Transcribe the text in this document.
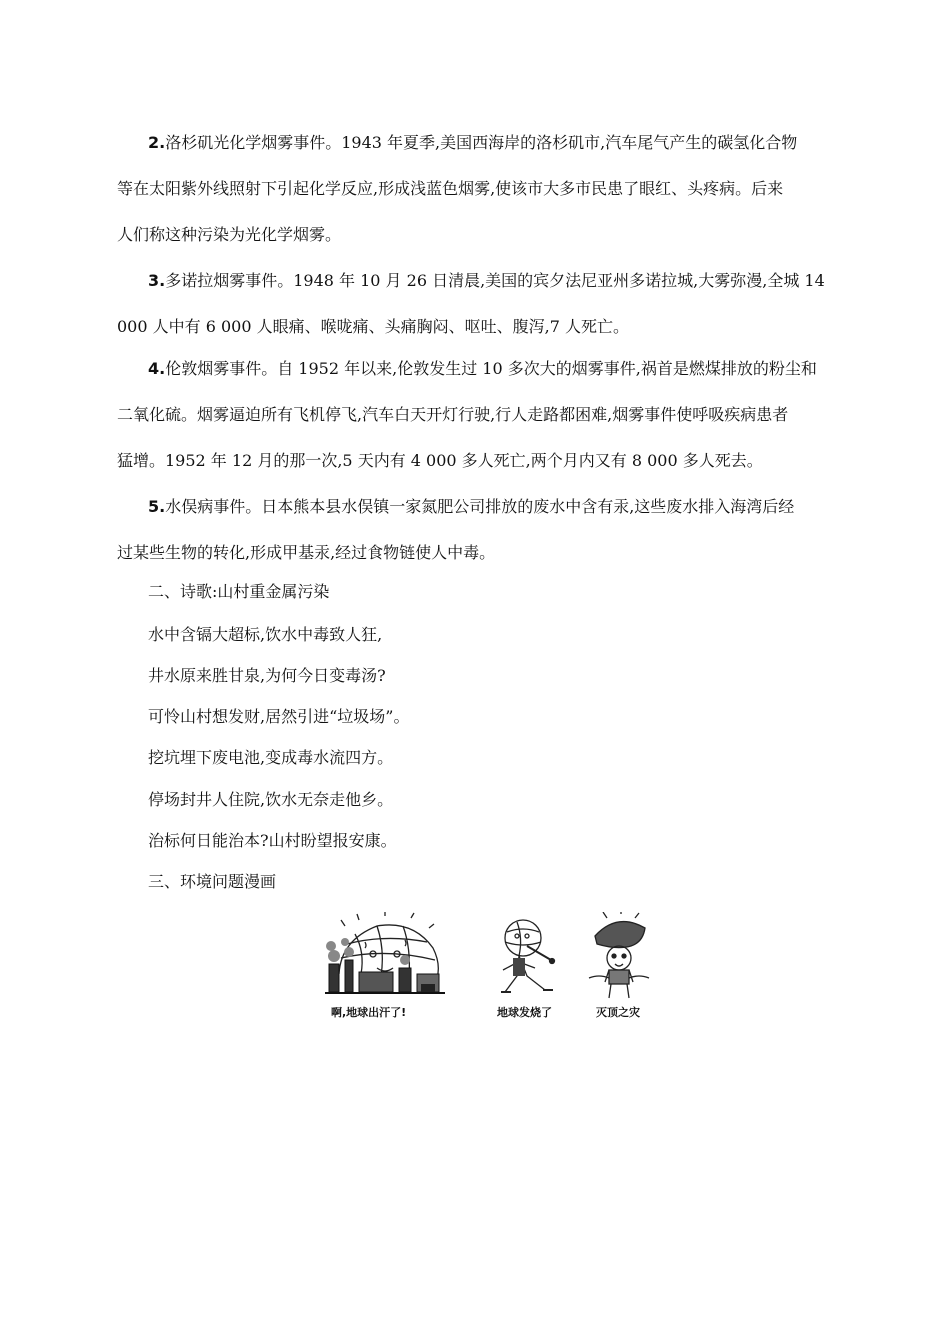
2.洛杉矶光化学烟雾事件。1943 年夏季,美国西海岸的洛杉矶市,汽车尾气产生的碳氢化合物
等在太阳紫外线照射下引起化学反应,形成浅蓝色烟雾,使该市大多市民患了眼红、头疼病。后来
人们称这种污染为光化学烟雾。
3.多诺拉烟雾事件。1948 年 10 月 26 日清晨,美国的宾夕法尼亚州多诺拉城,大雾弥漫,全城 14
000 人中有 6 000 人眼痛、喉咙痛、头痛胸闷、呕吐、腹泻,7 人死亡。
4.伦敦烟雾事件。自 1952 年以来,伦敦发生过 10 多次大的烟雾事件,祸首是燃煤排放的粉尘和
二氧化硫。烟雾逼迫所有飞机停飞,汽车白天开灯行驶,行人走路都困难,烟雾事件使呼吸疾病患者
猛增。1952 年 12 月的那一次,5 天内有 4 000 多人死亡,两个月内又有 8 000 多人死去。
5.水俣病事件。日本熊本县水俣镇一家氮肥公司排放的废水中含有汞,这些废水排入海湾后经
过某些生物的转化,形成甲基汞,经过食物链使人中毒。
二、诗歌:山村重金属污染
水中含镉大超标,饮水中毒致人狂,
井水原来胜甘泉,为何今日变毒汤?
可怜山村想发财,居然引进“垃圾场”。
挖坑埋下废电池,变成毒水流四方。
停场封井人住院,饮水无奈走他乡。
治标何日能治本?山村盼望报安康。
三、环境问题漫画
啊,地球出汗了!	地球发烧了	灭顶之灾
